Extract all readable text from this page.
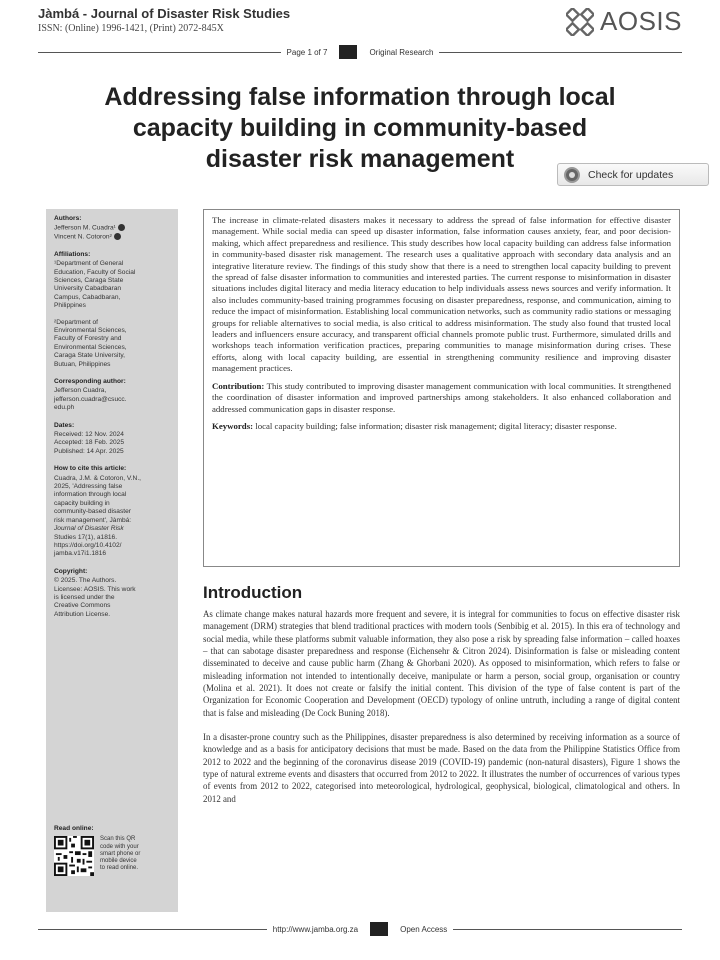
Jàmbá - Journal of Disaster Risk Studies
ISSN: (Online) 1996-1421, (Print) 2072-845X	AOSIS
Page 1 of 7	Original Research
Addressing false information through local capacity building in community-based disaster risk management
Check for updates
Authors:
Jefferson M. Cuadra¹
Vincent N. Cotoron²
Affiliations:
¹Department of General
Education, Faculty of Social
Sciences, Caraga State
University Cabadbaran
Campus, Cabadbaran,
Philippines
²Department of
Environmental Sciences,
Faculty of Forestry and
Environmental Sciences,
Caraga State University,
Butuan, Philippines
Corresponding author:
Jefferson Cuadra,
jefferson.cuadra@csucc.
edu.ph
Dates:
Received: 12 Nov. 2024
Accepted: 18 Feb. 2025
Published: 14 Apr. 2025
How to cite this article:
Cuadra, J.M. & Cotoron, V.N.,
2025, 'Addressing false
information through local
capacity building in
community-based disaster
risk management', Jàmbá:
Journal of Disaster Risk
Studies 17(1), a1816.
https://doi.org/10.4102/
jamba.v17i1.1816
Copyright:
© 2025. The Authors.
Licensee: AOSIS. This work
is licensed under the
Creative Commons
Attribution License.
Read online:
Scan this QR
code with your
smart phone or
mobile device
to read online.

The increase in climate-related disasters makes it necessary to address the spread of false information for effective disaster management. While social media can speed up disaster information, false information causes anxiety, fear, and poor decision-making, which affect preparedness and resilience. This study describes how local capacity building can address false information in community-based disaster risk management. The research uses a qualitative approach with secondary data analysis and an integrative literature review. The findings of this study show that there is a need to strengthen local capacity building to prevent the spread of false disaster information to communities and interested parties. The current response to misinformation in disaster situations includes digital literacy and media literacy education to help individuals assess news sources and verify information. It also includes community-based training programmes focusing on disaster preparedness, response, and communication, aiming to reduce the impact of misinformation. Establishing local communication networks, such as community radio stations or messaging groups for reliable alternatives to social media, is also critical to address misinformation. The study also found that trusted local leaders and influencers ensure accuracy, and transparent official channels promote public trust. Furthermore, simulated drills and workshops teach information verification practices, preparing communities to manage misinformation during crises. These efforts, along with local capacity building, are essential in strengthening community resilience and improving disaster management practices.

Contribution: This study contributed to improving disaster management communication with local communities. It strengthened the coordination of disaster information and improved partnerships among stakeholders. It also enhanced collaboration and addressed communication gaps in disaster response.

Keywords: local capacity building; false information; disaster risk management; digital literacy; disaster response.

Introduction

As climate change makes natural hazards more frequent and severe, it is integral for communities to focus on effective disaster risk management (DRM) strategies that blend traditional practices with modern tools (Senbibig et al. 2015). In this era of technology and social media, while these platforms submit valuable information, they also pose a risk by spreading false information – called hoaxes – that can sabotage disaster preparedness and response (Eichensehr & Citron 2024). Disinformation is false or misleading content disseminated to deceive and cause public harm (Zhang & Ghorbani 2020). As opposed to misinformation, which refers to false or misleading information not intended to intentionally deceive, manipulate or harm a person, social group, organisation or country (Molina et al. 2021). It does not create or falsify the initial content. This division of the type of false content is part of the Organization for Economic Cooperation and Development (OECD) typology of online untruth, including a range of digital content that is false and misleading (De Cock Buning 2018).

In a disaster-prone country such as the Philippines, disaster preparedness is also determined by receiving information as a source of knowledge and as a basis for anticipatory decisions that must be made. Based on the data from the Philippine Statistics Office from 2012 to 2022 and the beginning of the coronavirus disease 2019 (COVID-19) pandemic (non-natural disasters), Figure 1 shows the type of natural extreme events and disasters that occurred from 2012 to 2022. It illustrates the number of occurrences of various types of events from 2012 to 2022, categorised into meteorological, hydrological, geophysical, biological, climatological and others. In 2012 and

http://www.jamba.org.za	Open Access
